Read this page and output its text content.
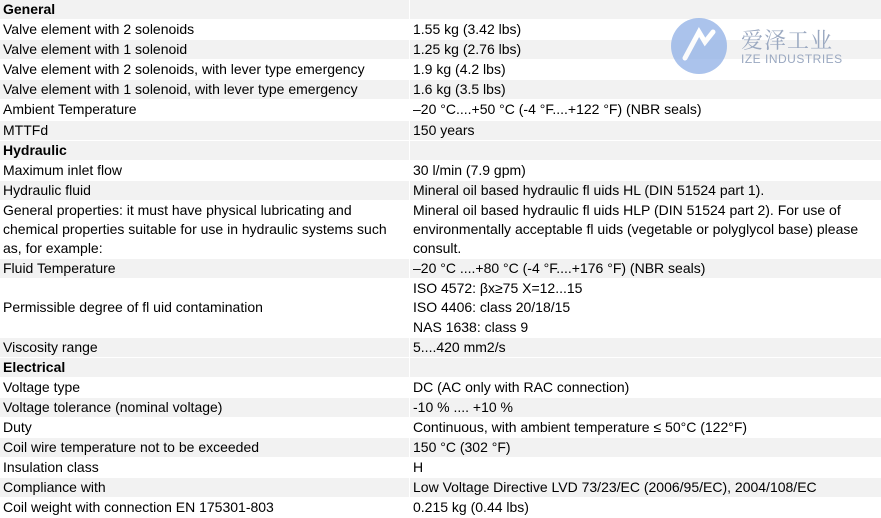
General	
Valve element with 2 solenoids	1.55 kg (3.42 lbs)
Valve element with 1 solenoid	1.25 kg (2.76 lbs)
Valve element with 2 solenoids, with lever type emergency	1.9 kg (4.2 lbs)
Valve element with 1 solenoid, with lever type emergency	1.6 kg (3.5 lbs)
Ambient Temperature	–20 °C....+50 °C (-4 °F....+122 °F) (NBR seals)
MTTFd	150 years
Hydraulic	
Maximum inlet flow	30 l/min (7.9 gpm)
Hydraulic fluid	Mineral oil based hydraulic fl uids HL (DIN 51524 part 1).
General properties: it must have physical lubricating and chemical properties suitable for use in hydraulic systems such as, for example:	Mineral oil based hydraulic fl uids HLP (DIN 51524 part 2). For use of environmentally acceptable fl uids (vegetable or polyglycol base) please consult.
Fluid Temperature	–20 °C ....+80 °C (-4 °F....+176 °F) (NBR seals)
Permissible degree of fl uid contamination	ISO 4572: βx≥75 X=12...15
ISO 4406: class 20/18/15
NAS 1638: class 9
Viscosity range	5....420 mm2/s
Electrical	
Voltage type	DC (AC only with RAC connection)
Voltage tolerance (nominal voltage)	-10 % .... +10 %
Duty	Continuous, with ambient temperature ≤ 50°C (122°F)
Coil wire temperature not to be exceeded	150 °C (302 °F)
Insulation class	H
Compliance with	Low Voltage Directive LVD 73/23/EC (2006/95/EC), 2004/108/EC
Coil weight with connection EN 175301-803	0.215 kg (0.44 lbs)
爱泽工业
IZE INDUSTRIES
